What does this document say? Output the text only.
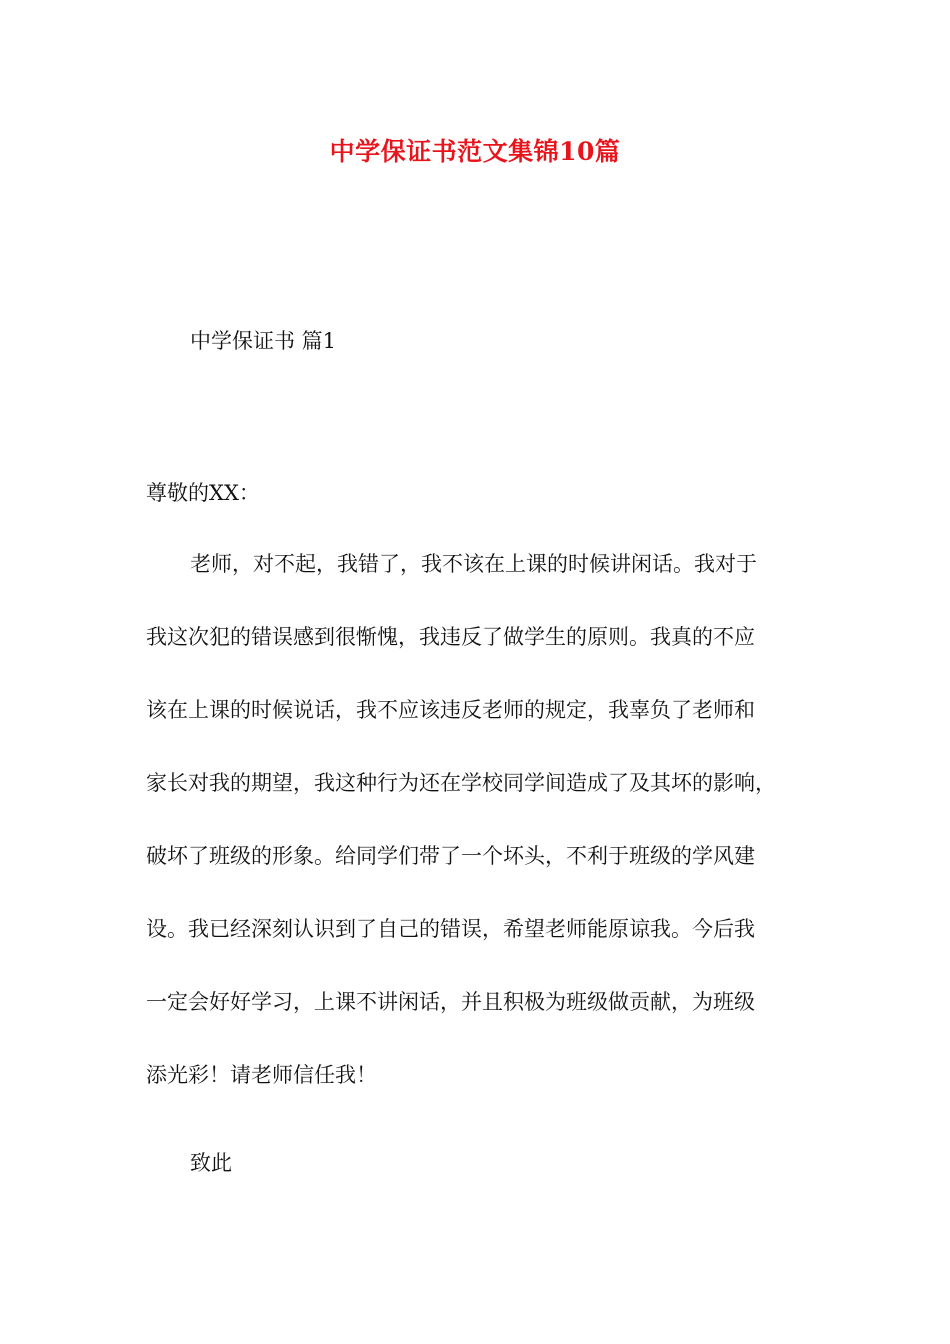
中学保证书范文集锦10篇
中学保证书 篇1

尊敬的XX：

老师，对不起，我错了，我不该在上课的时候讲闲话。我对于
我这次犯的错误感到很惭愧，我违反了做学生的原则。我真的不应
该在上课的时候说话，我不应该违反老师的规定，我辜负了老师和
家长对我的期望，我这种行为还在学校同学间造成了及其坏的影响，
破坏了班级的形象。给同学们带了一个坏头，不利于班级的学风建
设。我已经深刻认识到了自己的错误，希望老师能原谅我。今后我
一定会好好学习，上课不讲闲话，并且积极为班级做贡献，为班级
添光彩！请老师信任我！

致此
